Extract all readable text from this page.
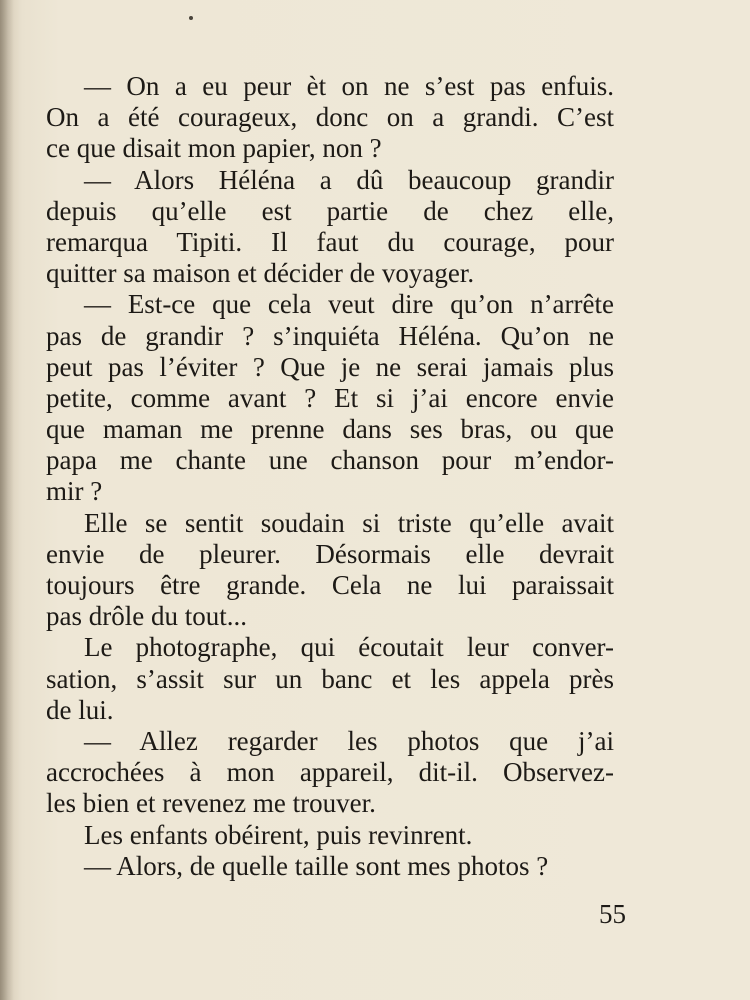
— On a eu peur èt on ne s’est pas enfuis.
On a été courageux, donc on a grandi. C’est
ce que disait mon papier, non ?
— Alors Héléna a dû beaucoup grandir
depuis qu’elle est partie de chez elle,
remarqua Tipiti. Il faut du courage, pour
quitter sa maison et décider de voyager.
— Est-ce que cela veut dire qu’on n’arrête
pas de grandir ? s’inquiéta Héléna. Qu’on ne
peut pas l’éviter ? Que je ne serai jamais plus
petite, comme avant ? Et si j’ai encore envie
que maman me prenne dans ses bras, ou que
papa me chante une chanson pour m’endor-
mir ?
Elle se sentit soudain si triste qu’elle avait
envie de pleurer. Désormais elle devrait
toujours être grande. Cela ne lui paraissait
pas drôle du tout...
Le photographe, qui écoutait leur conver-
sation, s’assit sur un banc et les appela près
de lui.
— Allez regarder les photos que j’ai
accrochées à mon appareil, dit-il. Observez-
les bien et revenez me trouver.
Les enfants obéirent, puis revinrent.
— Alors, de quelle taille sont mes photos ?
55
